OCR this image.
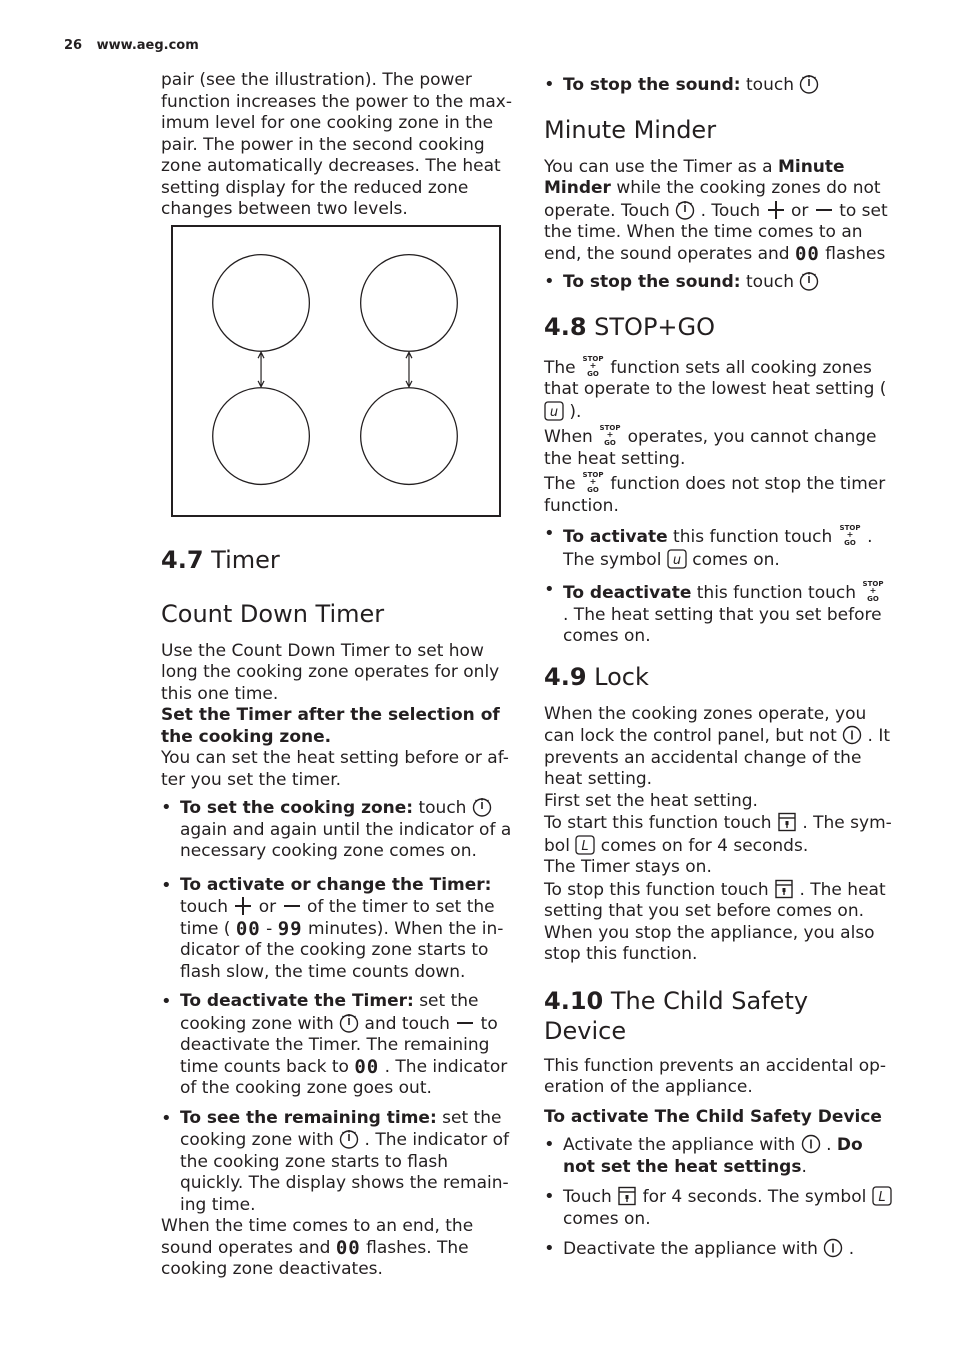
26 www.aeg.com

pair (see the illustration). The power function increases the power to the max-imum level for one cooking zone in the pair. The power in the second cooking zone automatically decreases. The heat setting display for the reduced zone changes between two levels.

4.7 Timer
Count Down Timer

Use the Count Down Timer to set how long the cooking zone operates for only this one time.

Set the Timer after the selection of the cooking zone.

You can set the heat setting before or af-ter you set the timer.

• To set the cooking zone: touch
again and again until the indicator of a necessary cooking zone comes on.
• To activate or change the Timer:
touch
or
of the timer to set the time ( 00 - 99 minutes). When the in-dicator of the cooking zone starts to flash slow, the time counts down.
• To deactivate the Timer: set the cooking zone with
and touch
to deactivate the Timer. The remaining time counts back to 00 . The indicator of the cooking zone goes out.
• To see the remaining time: set the cooking zone with
. The indicator of the cooking zone starts to flash quickly. The display shows the remain-ing time.

When the time comes to an end, the sound operates and 00 flashes. The cooking zone deactivates.

• To stop the sound: touch
Minute Minder

You can use the Timer as a Minute Minder while the cooking zones do not operate. Touch
. Touch
or
to set the time. When the time comes to an end, the sound operates and 00 flashes

• To stop the sound: touch
4.8 STOP+GO

The STOP
+
GO function sets all cooking zones that operate to the lowest heat setting (

u ).

When STOP
+
GO operates, you cannot change the heat setting.

The STOP
+
GO function does not stop the timer function.

• To activate this function touch STOP
+
GO . The symbol u comes on.
• To deactivate this function touch STOP
+
GO
. The heat setting that you set before comes on.
4.9 Lock

When the cooking zones operate, you can lock the control panel, but not
. It prevents an accidental change of the heat setting.

First set the heat setting.

To start this function touch
. The sym-bol L comes on for 4 seconds.

The Timer stays on.

To stop this function touch
. The heat setting that you set before comes on.

When you stop the appliance, you also stop this function.

4.10 The Child Safety Device

This function prevents an accidental op-eration of the appliance.

To activate The Child Safety Device

• Activate the appliance with
. Do not set the heat settings.
• Touch
for 4 seconds. The symbol L
comes on.
• Deactivate the appliance with
.
